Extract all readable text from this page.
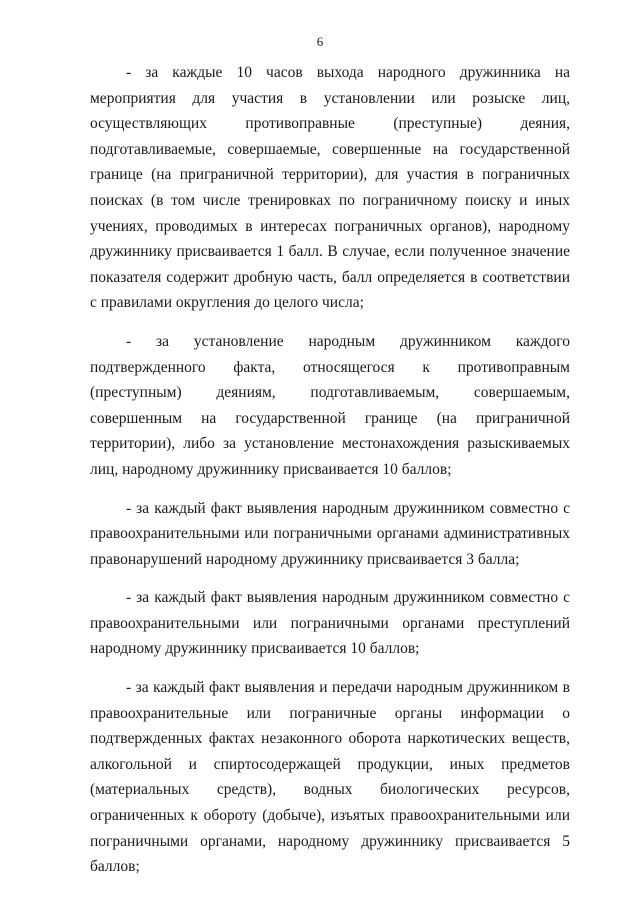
6

- за каждые 10 часов выхода народного дружинника на мероприятия для участия в установлении или розыске лиц, осуществляющих противоправные (преступные) деяния, подготавливаемые, совершаемые, совершенные на государственной границе (на приграничной территории), для участия в пограничных поисках (в том числе тренировках по пограничному поиску и иных учениях, проводимых в интересах пограничных органов), народному дружиннику присваивается 1 балл. В случае, если полученное значение показателя содержит дробную часть, балл определяется в соответствии с правилами округления до целого числа;

- за установление народным дружинником каждого подтвержденного факта, относящегося к противоправным (преступным) деяниям, подготавливаемым, совершаемым, совершенным на государственной границе (на приграничной территории), либо за установление местонахождения разыскиваемых лиц, народному дружиннику присваивается 10 баллов;

- за каждый факт выявления народным дружинником совместно с правоохранительными или пограничными органами административных правонарушений народному дружиннику присваивается 3 балла;

- за каждый факт выявления народным дружинником совместно с правоохранительными или пограничными органами преступлений народному дружиннику присваивается 10 баллов;

- за каждый факт выявления и передачи народным дружинником в правоохранительные или пограничные органы информации о подтвержденных фактах незаконного оборота наркотических веществ, алкогольной и спиртосодержащей продукции, иных предметов (материальных средств), водных биологических ресурсов, ограниченных к обороту (добыче), изъятых правоохранительными или пограничными органами, народному дружиннику присваивается 5 баллов;
